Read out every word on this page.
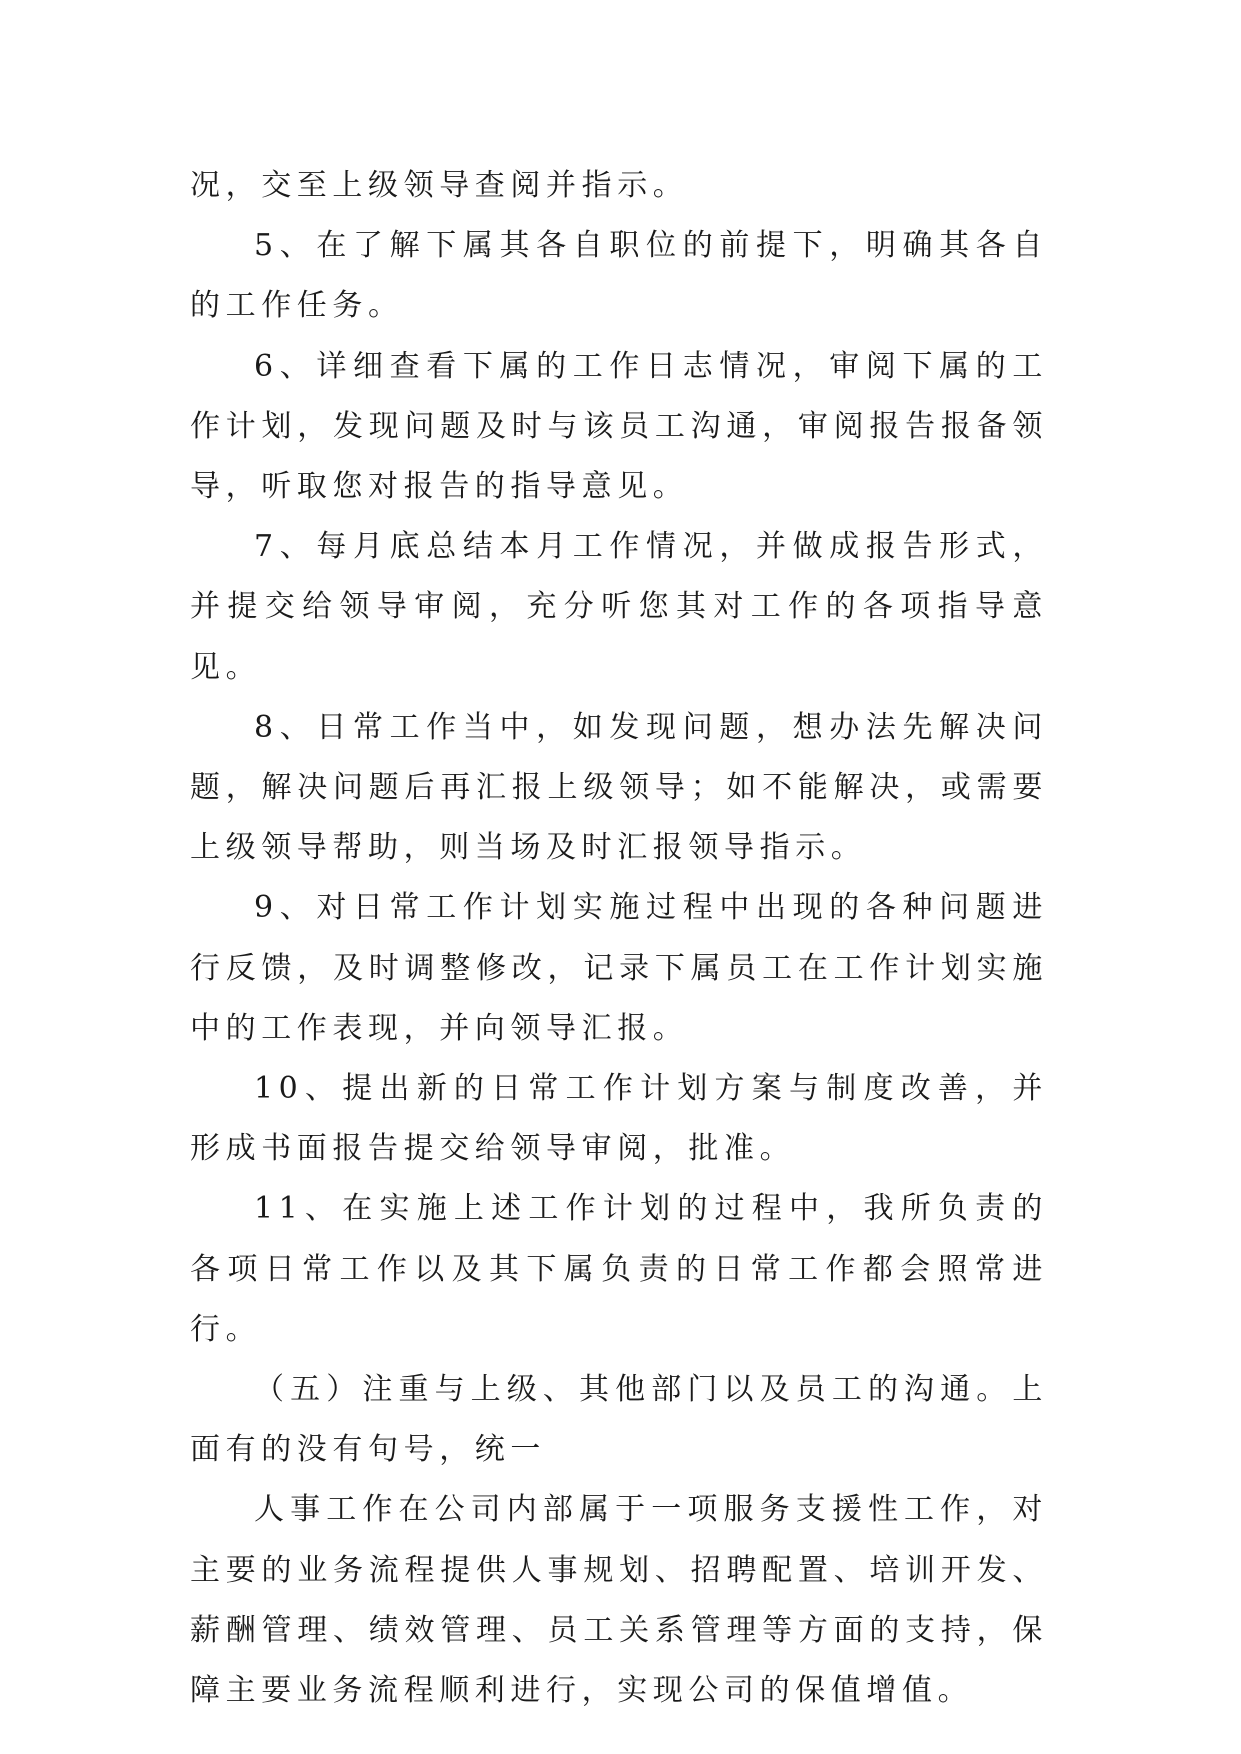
况，交至上级领导查阅并指示。

5、在了解下属其各自职位的前提下，明确其各自的工作任务。

6、详细查看下属的工作日志情况，审阅下属的工作计划，发现问题及时与该员工沟通，审阅报告报备领导，听取您对报告的指导意见。

7、每月底总结本月工作情况，并做成报告形式，并提交给领导审阅，充分听您其对工作的各项指导意见。

8、日常工作当中，如发现问题，想办法先解决问题，解决问题后再汇报上级领导；如不能解决，或需要上级领导帮助，则当场及时汇报领导指示。

9、对日常工作计划实施过程中出现的各种问题进行反馈，及时调整修改，记录下属员工在工作计划实施中的工作表现，并向领导汇报。

10、提出新的日常工作计划方案与制度改善，并形成书面报告提交给领导审阅，批准。

11、在实施上述工作计划的过程中，我所负责的各项日常工作以及其下属负责的日常工作都会照常进行。

（五）注重与上级、其他部门以及员工的沟通。上面有的没有句号，统一

人事工作在公司内部属于一项服务支援性工作，对主要的业务流程提供人事规划、招聘配置、培训开发、薪酬管理、绩效管理、员工关系管理等方面的支持，保障主要业务流程顺利进行，实现公司的保值增值。
